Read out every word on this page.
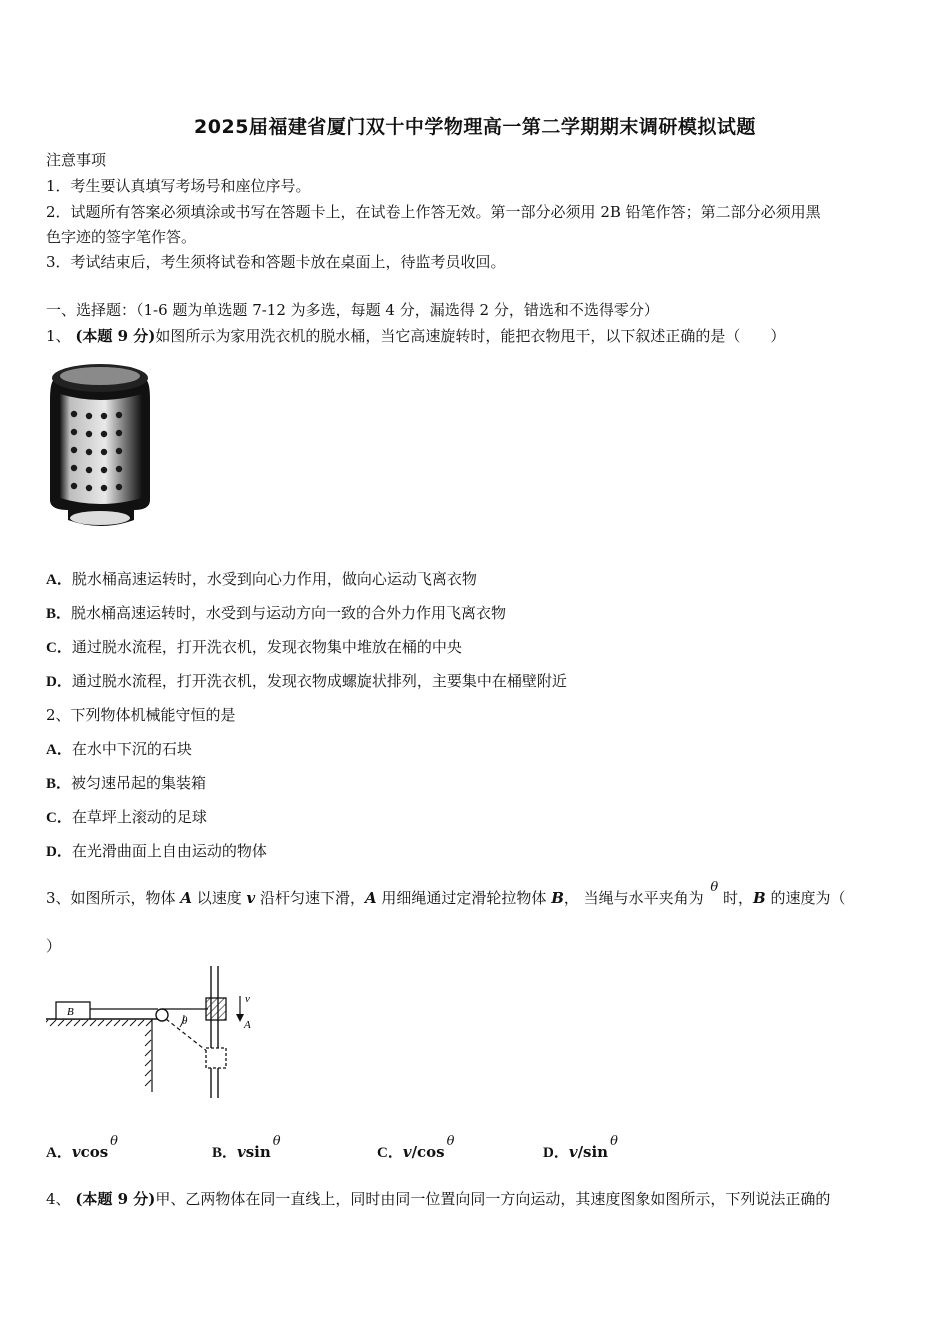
2025届福建省厦门双十中学物理高一第二学期期末调研模拟试题
注意事项
1．考生要认真填写考场号和座位序号。
2．试题所有答案必须填涂或书写在答题卡上，在试卷上作答无效。第一部分必须用 2B 铅笔作答；第二部分必须用黑
色字迹的签字笔作答。
3．考试结束后，考生须将试卷和答题卡放在桌面上，待监考员收回。
一、选择题：（1-6 题为单选题 7-12 为多选，每题 4 分，漏选得 2 分，错选和不选得零分）
1、 (本题 9 分)如图所示为家用洗衣机的脱水桶，当它高速旋转时，能把衣物甩干，以下叙述正确的是（　　）
A．脱水桶高速运转时，水受到向心力作用，做向心运动飞离衣物
B．脱水桶高速运转时，水受到与运动方向一致的合外力作用飞离衣物
C．通过脱水流程，打开洗衣机，发现衣物集中堆放在桶的中央
D．通过脱水流程，打开洗衣机，发现衣物成螺旋状排列，主要集中在桶壁附近
2、下列物体机械能守恒的是
A．在水中下沉的石块
B．被匀速吊起的集装箱
C．在草坪上滚动的足球
D．在光滑曲面上自由运动的物体
3、如图所示，物体 A 以速度 v 沿杆匀速下滑，A 用细绳通过定滑轮拉物体 B， 当绳与水平夹角为 θ 时，B 的速度为（
）
B
θ
v
A
A．vcosθ
B．vsinθ
C．v/cosθ
D．v/sinθ
4、 (本题 9 分)甲、乙两物体在同一直线上，同时由同一位置向同一方向运动，其速度图象如图所示，下列说法正确的
